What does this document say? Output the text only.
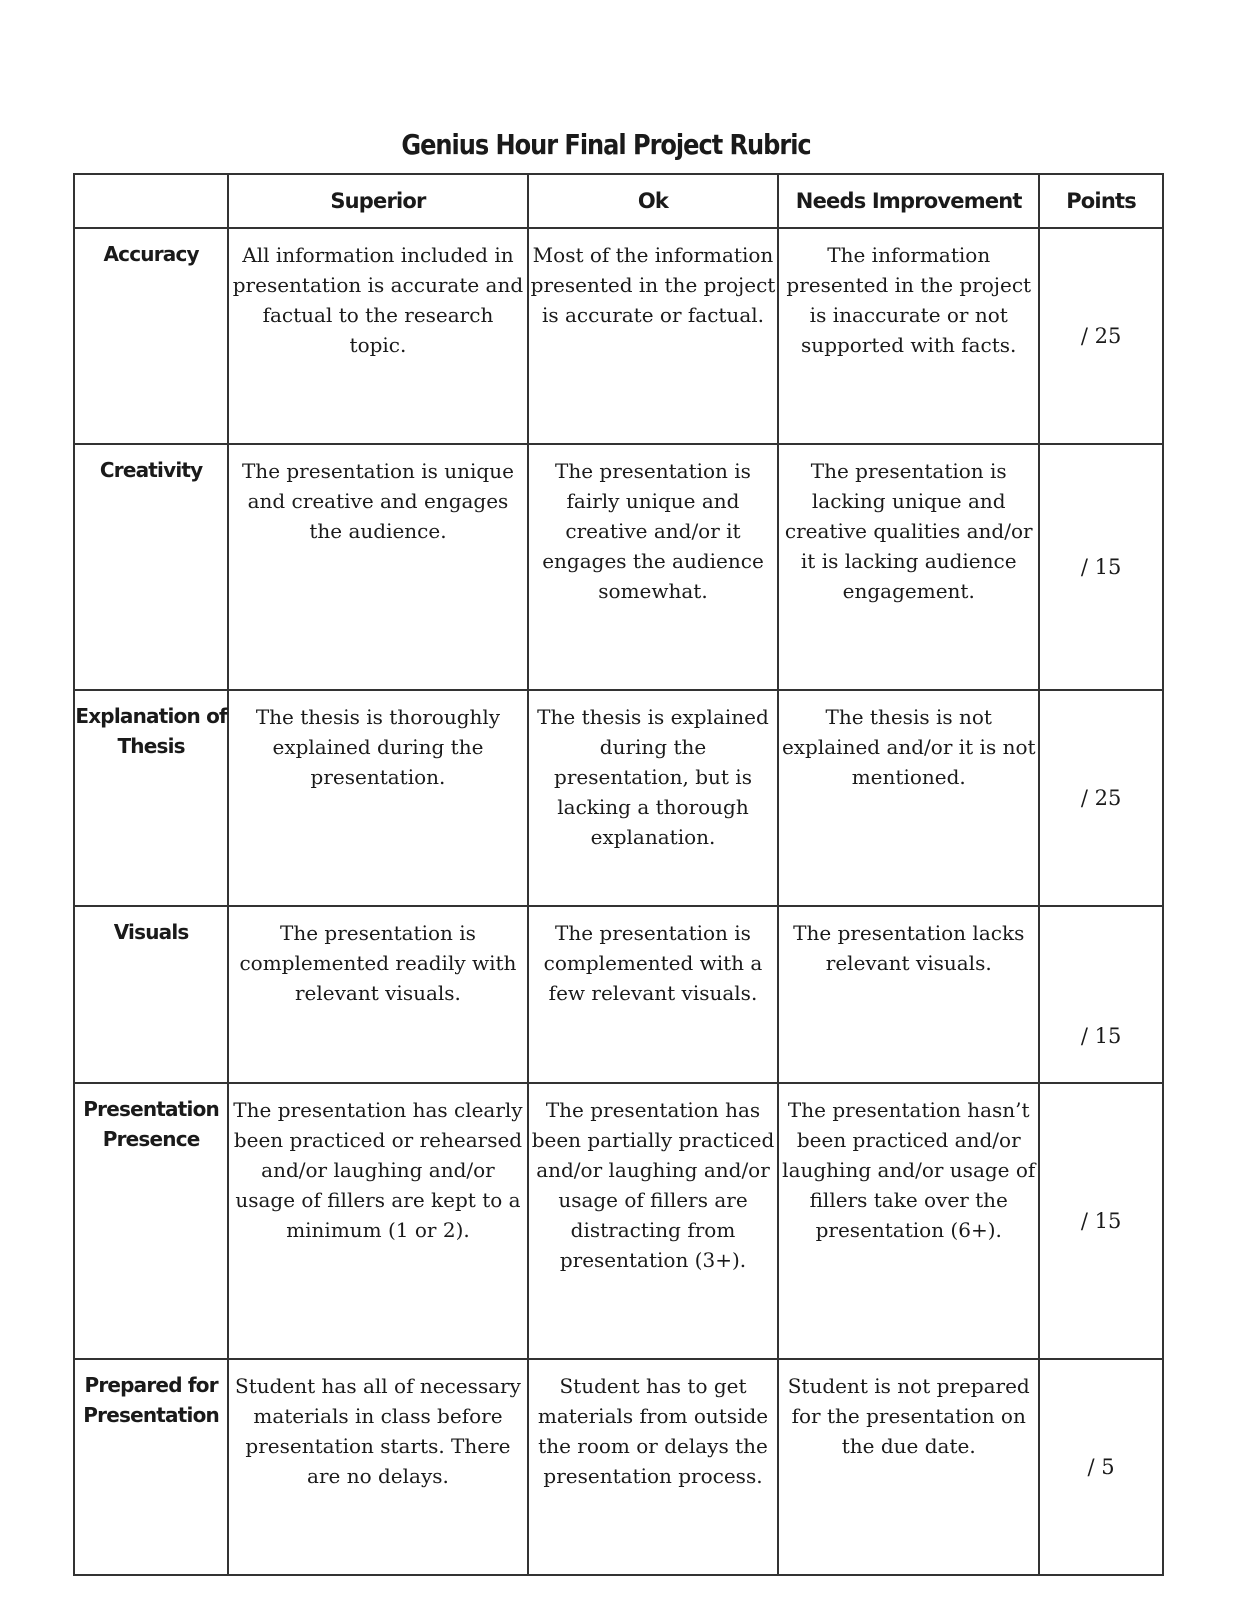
Genius Hour Final Project Rubric
	Superior	Ok	Needs Improvement	Points
Accuracy	All information included in presentation is accurate and factual to the research topic.	Most of the information presented in the project is accurate or factual.	The information presented in the project is inaccurate or not supported with facts.	/ 25
Creativity	The presentation is unique and creative and engages the audience.	The presentation is fairly unique and creative and/or it engages the audience somewhat.	The presentation is lacking unique and creative qualities and/or it is lacking audience engagement.	/ 15
Explanation of Thesis	The thesis is thoroughly explained during the presentation.	The thesis is explained during the presentation, but is lacking a thorough explanation.	The thesis is not explained and/or it is not mentioned.	/ 25
Visuals	The presentation is complemented readily with relevant visuals.	The presentation is complemented with a few relevant visuals.	The presentation lacks relevant visuals.	/ 15
Presentation Presence	The presentation has clearly been practiced or rehearsed and/or laughing and/or usage of fillers are kept to a minimum (1 or 2).	The presentation has been partially practiced and/or laughing and/or usage of fillers are distracting from presentation (3+).	The presentation hasn’t been practiced and/or laughing and/or usage of fillers take over the presentation (6+).	/ 15
Prepared for Presentation	Student has all of necessary materials in class before presentation starts. There are no delays.	Student has to get materials from outside the room or delays the presentation process.	Student is not prepared for the presentation on the due date.	/ 5
